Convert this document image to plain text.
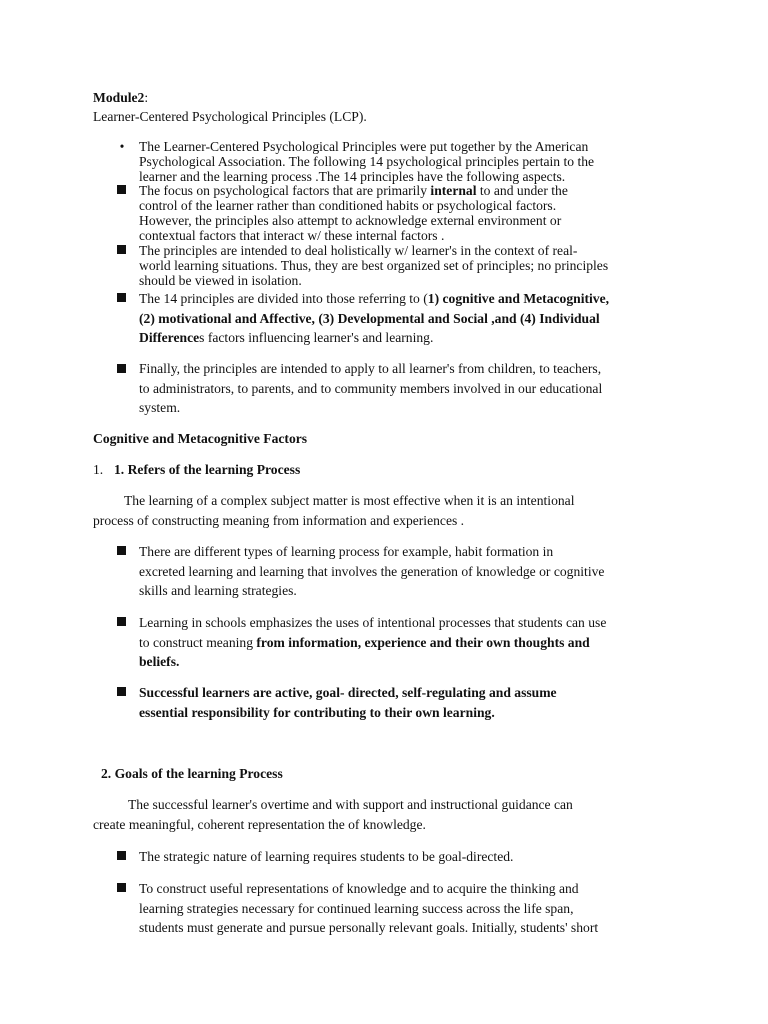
Module2:
Learner-Centered Psychological Principles (LCP).
• The Learner-Centered Psychological Principles were put together by the American
Psychological Association. The following 14 psychological principles pertain to the
learner and the learning process .The 14 principles have the following aspects.
The focus on psychological factors that are primarily internal to and under the
control of the learner rather than conditioned habits or psychological factors.
However, the principles also attempt to acknowledge external environment or
contextual factors that interact w/ these internal factors .
The principles are intended to deal holistically w/ learner's in the context of real-
world learning situations. Thus, they are best organized set of principles; no principles
should be viewed in isolation.
The 14 principles are divided into those referring to (1) cognitive and Metacognitive,
(2) motivational and Affective, (3) Developmental and Social ,and (4) Individual
Differences factors influencing learner's and learning.
Finally, the principles are intended to apply to all learner's from children, to teachers,
to administrators, to parents, and to community members involved in our educational
system.
Cognitive and Metacognitive Factors
1. 1. Refers of the learning Process
The learning of a complex subject matter is most effective when it is an intentional
process of constructing meaning from information and experiences .
There are different types of learning process for example, habit formation in
excreted learning and learning that involves the generation of knowledge or cognitive
skills and learning strategies.
Learning in schools emphasizes the uses of intentional processes that students can use
to construct meaning from information, experience and their own thoughts and
beliefs.
Successful learners are active, goal- directed, self-regulating and assume
essential responsibility for contributing to their own learning.
2. Goals of the learning Process
The successful learner's overtime and with support and instructional guidance can
create meaningful, coherent representation the of knowledge.
The strategic nature of learning requires students to be goal-directed.
To construct useful representations of knowledge and to acquire the thinking and
learning strategies necessary for continued learning success across the life span,
students must generate and pursue personally relevant goals. Initially, students' short
